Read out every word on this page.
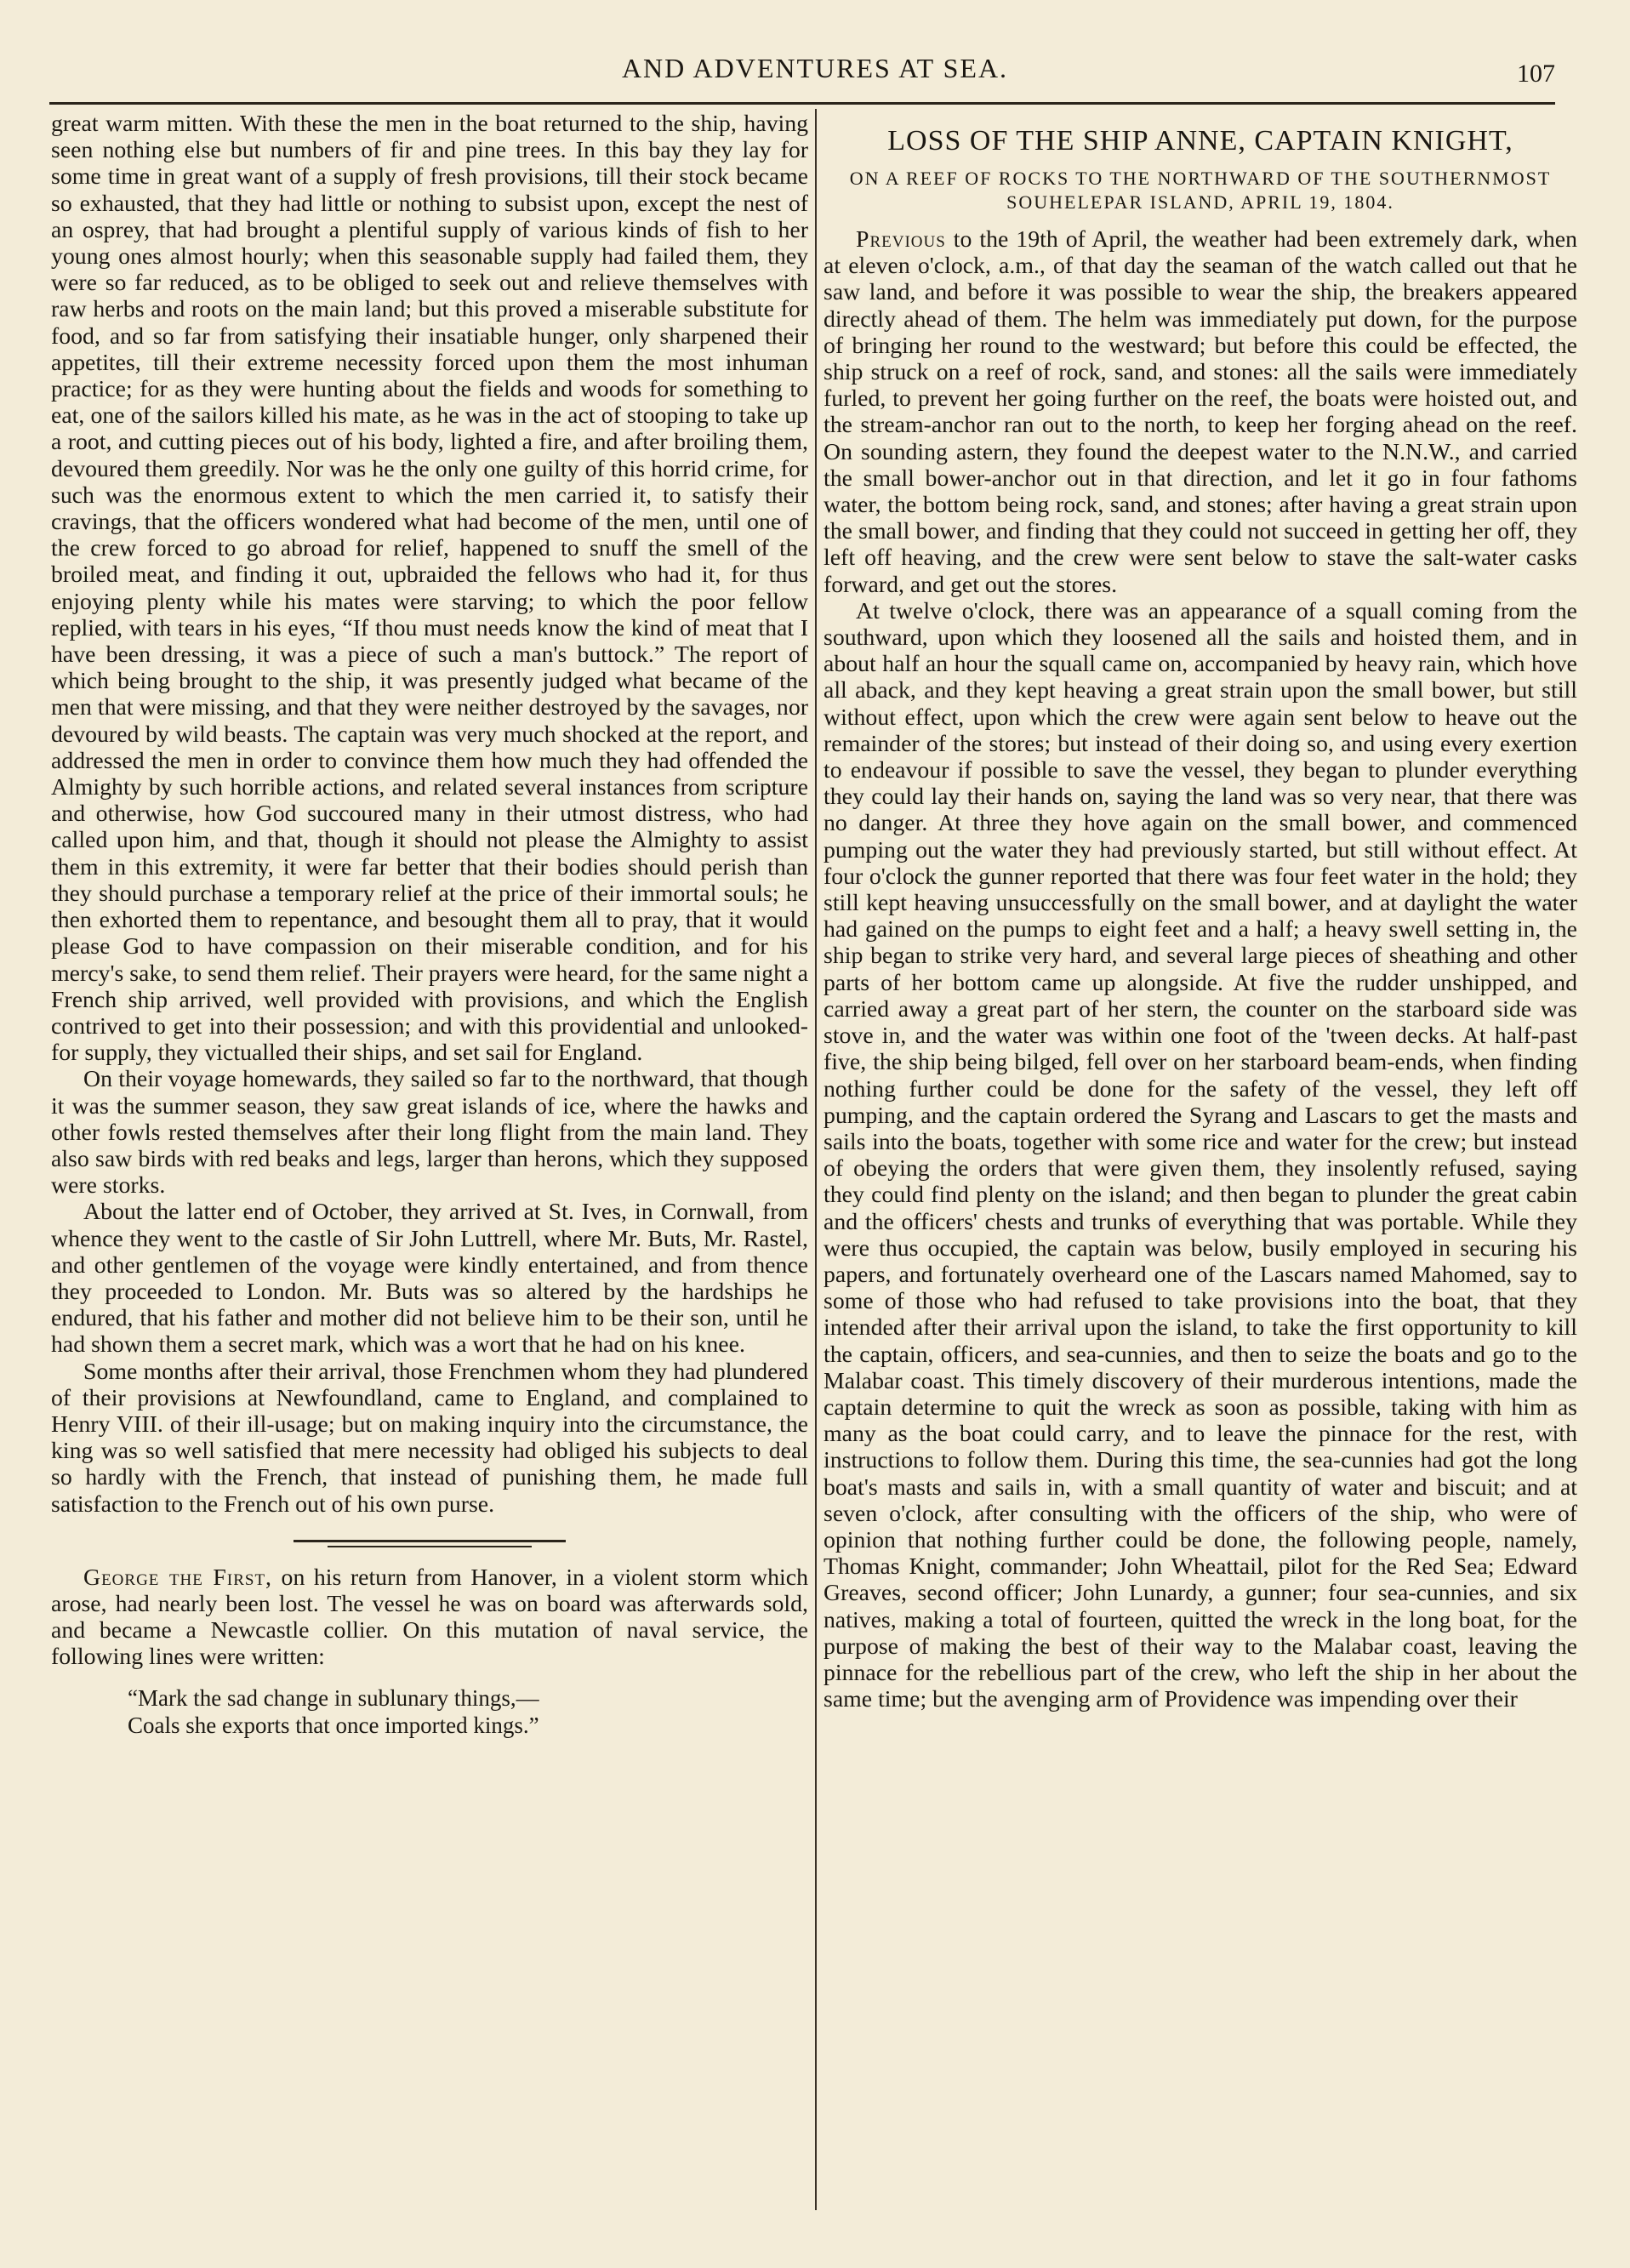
AND ADVENTURES AT SEA.	107

great warm mitten. With these the men in the boat returned to the ship, having seen nothing else but numbers of fir and pine trees. In this bay they lay for some time in great want of a supply of fresh provisions, till their stock became so exhausted, that they had little or nothing to subsist upon, except the nest of an osprey, that had brought a plentiful supply of various kinds of fish to her young ones almost hourly; when this seasonable supply had failed them, they were so far reduced, as to be obliged to seek out and relieve themselves with raw herbs and roots on the main land; but this proved a miserable substitute for food, and so far from satisfying their insatiable hunger, only sharpened their appetites, till their extreme necessity forced upon them the most inhuman practice; for as they were hunting about the fields and woods for something to eat, one of the sailors killed his mate, as he was in the act of stooping to take up a root, and cutting pieces out of his body, lighted a fire, and after broiling them, devoured them greedily. Nor was he the only one guilty of this horrid crime, for such was the enormous extent to which the men carried it, to satisfy their cravings, that the officers wondered what had become of the men, until one of the crew forced to go abroad for relief, happened to snuff the smell of the broiled meat, and finding it out, upbraided the fellows who had it, for thus enjoying plenty while his mates were starving; to which the poor fellow replied, with tears in his eyes, “If thou must needs know the kind of meat that I have been dressing, it was a piece of such a man's buttock.” The report of which being brought to the ship, it was presently judged what became of the men that were missing, and that they were neither destroyed by the savages, nor devoured by wild beasts. The captain was very much shocked at the report, and addressed the men in order to convince them how much they had offended the Almighty by such horrible actions, and related several instances from scripture and otherwise, how God succoured many in their utmost distress, who had called upon him, and that, though it should not please the Almighty to assist them in this extremity, it were far better that their bodies should perish than they should purchase a temporary relief at the price of their immortal souls; he then exhorted them to repentance, and besought them all to pray, that it would please God to have compassion on their miserable condition, and for his mercy's sake, to send them relief. Their prayers were heard, for the same night a French ship arrived, well provided with provisions, and which the English contrived to get into their possession; and with this providential and unlooked-for supply, they victualled their ships, and set sail for England.

On their voyage homewards, they sailed so far to the northward, that though it was the summer season, they saw great islands of ice, where the hawks and other fowls rested themselves after their long flight from the main land. They also saw birds with red beaks and legs, larger than herons, which they supposed were storks.

About the latter end of October, they arrived at St. Ives, in Cornwall, from whence they went to the castle of Sir John Luttrell, where Mr. Buts, Mr. Rastel, and other gentlemen of the voyage were kindly entertained, and from thence they proceeded to London. Mr. Buts was so altered by the hardships he endured, that his father and mother did not believe him to be their son, until he had shown them a secret mark, which was a wort that he had on his knee.

Some months after their arrival, those Frenchmen whom they had plundered of their provisions at Newfoundland, came to England, and complained to Henry VIII. of their ill-usage; but on making inquiry into the circumstance, the king was so well satisfied that mere necessity had obliged his subjects to deal so hardly with the French, that instead of punishing them, he made full satisfaction to the French out of his own purse.

George the First, on his return from Hanover, in a violent storm which arose, had nearly been lost. The vessel he was on board was afterwards sold, and became a Newcastle collier. On this mutation of naval service, the following lines were written:

“Mark the sad change in sublunary things,—
Coals she exports that once imported kings.”
LOSS OF THE SHIP ANNE, CAPTAIN KNIGHT,
ON A REEF OF ROCKS TO THE NORTHWARD OF THE SOUTHERNMOST SOUHELEPAR ISLAND, APRIL 19, 1804.

Previous to the 19th of April, the weather had been extremely dark, when at eleven o'clock, a.m., of that day the seaman of the watch called out that he saw land, and before it was possible to wear the ship, the breakers appeared directly ahead of them. The helm was immediately put down, for the purpose of bringing her round to the westward; but before this could be effected, the ship struck on a reef of rock, sand, and stones: all the sails were immediately furled, to prevent her going further on the reef, the boats were hoisted out, and the stream-anchor ran out to the north, to keep her forging ahead on the reef. On sounding astern, they found the deepest water to the N.N.W., and carried the small bower-anchor out in that direction, and let it go in four fathoms water, the bottom being rock, sand, and stones; after having a great strain upon the small bower, and finding that they could not succeed in getting her off, they left off heaving, and the crew were sent below to stave the salt-water casks forward, and get out the stores.

At twelve o'clock, there was an appearance of a squall coming from the southward, upon which they loosened all the sails and hoisted them, and in about half an hour the squall came on, accompanied by heavy rain, which hove all aback, and they kept heaving a great strain upon the small bower, but still without effect, upon which the crew were again sent below to heave out the remainder of the stores; but instead of their doing so, and using every exertion to endeavour if possible to save the vessel, they began to plunder everything they could lay their hands on, saying the land was so very near, that there was no danger. At three they hove again on the small bower, and commenced pumping out the water they had previously started, but still without effect. At four o'clock the gunner reported that there was four feet water in the hold; they still kept heaving unsuccessfully on the small bower, and at daylight the water had gained on the pumps to eight feet and a half; a heavy swell setting in, the ship began to strike very hard, and several large pieces of sheathing and other parts of her bottom came up alongside. At five the rudder unshipped, and carried away a great part of her stern, the counter on the starboard side was stove in, and the water was within one foot of the 'tween decks. At half-past five, the ship being bilged, fell over on her starboard beam-ends, when finding nothing further could be done for the safety of the vessel, they left off pumping, and the captain ordered the Syrang and Lascars to get the masts and sails into the boats, together with some rice and water for the crew; but instead of obeying the orders that were given them, they insolently refused, saying they could find plenty on the island; and then began to plunder the great cabin and the officers' chests and trunks of everything that was portable. While they were thus occupied, the captain was below, busily employed in securing his papers, and fortunately overheard one of the Lascars named Mahomed, say to some of those who had refused to take provisions into the boat, that they intended after their arrival upon the island, to take the first opportunity to kill the captain, officers, and sea-cunnies, and then to seize the boats and go to the Malabar coast. This timely discovery of their murderous intentions, made the captain determine to quit the wreck as soon as possible, taking with him as many as the boat could carry, and to leave the pinnace for the rest, with instructions to follow them. During this time, the sea-cunnies had got the long boat's masts and sails in, with a small quantity of water and biscuit; and at seven o'clock, after consulting with the officers of the ship, who were of opinion that nothing further could be done, the following people, namely, Thomas Knight, commander; John Wheattail, pilot for the Red Sea; Edward Greaves, second officer; John Lunardy, a gunner; four sea-cunnies, and six natives, making a total of fourteen, quitted the wreck in the long boat, for the purpose of making the best of their way to the Malabar coast, leaving the pinnace for the rebellious part of the crew, who left the ship in her about the same time; but the avenging arm of Providence was impending over their
